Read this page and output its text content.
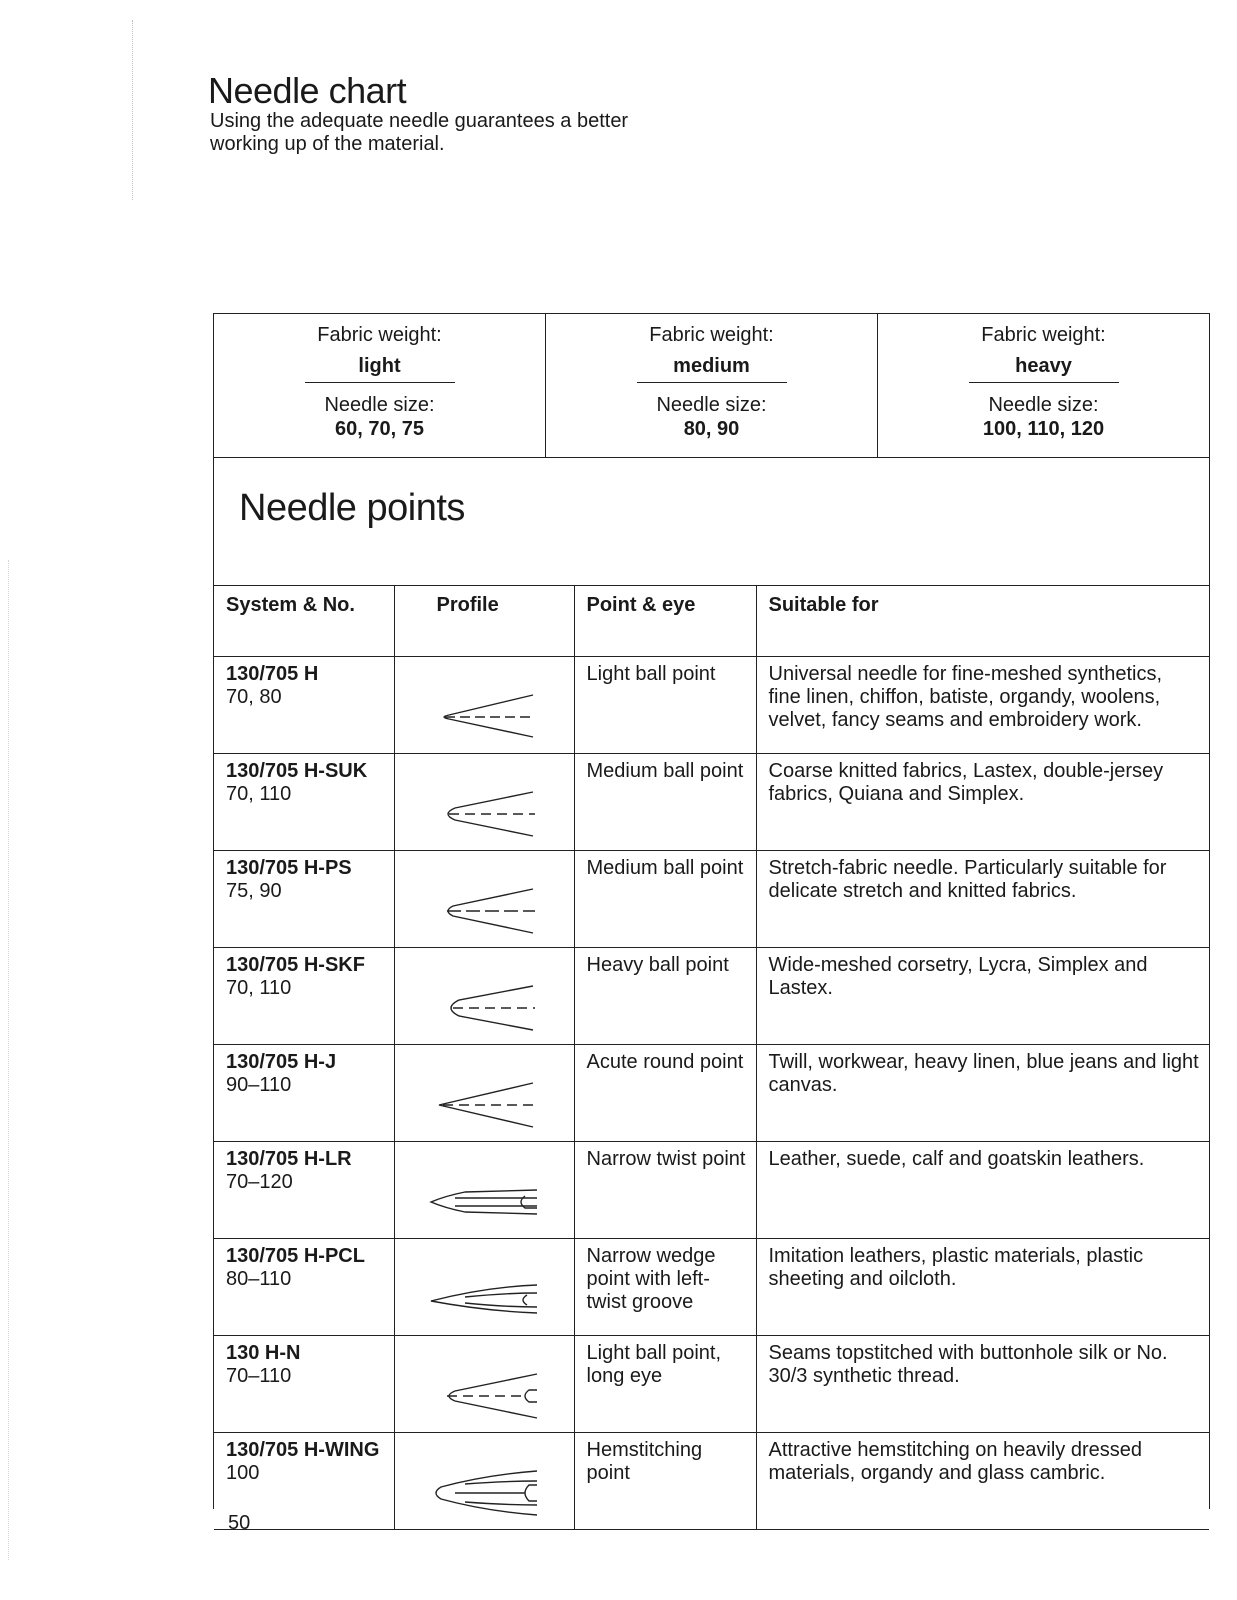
Needle chart
Using the adequate needle guarantees a better working up of the material.
Fabric weight:
light
Needle size:
60, 70, 75
Fabric weight:
medium
Needle size:
80, 90
Fabric weight:
heavy
Needle size:
100, 110, 120
Needle points
System & No.	Profile	Point & eye	Suitable for

130/705 H
70, 80		Light ball point	Universal needle for fine-meshed synthetics, fine linen, chiffon, batiste, organdy, woolens, velvet, fancy seams and embroidery work.

130/705 H-SUK
70, 110		Medium ball point	Coarse knitted fabrics, Lastex, double-jersey fabrics, Quiana and Simplex.

130/705 H-PS
75, 90		Medium ball point	Stretch-fabric needle. Particularly suitable for delicate stretch and knitted fabrics.

130/705 H-SKF
70, 110		Heavy ball point	Wide-meshed corsetry, Lycra, Simplex and Lastex.

130/705 H-J
90–110		Acute round point	Twill, workwear, heavy linen, blue jeans and light canvas.

130/705 H-LR
70–120		Narrow twist point	Leather, suede, calf and goatskin leathers.

130/705 H-PCL
80–110		Narrow wedge point with left-twist groove	Imitation leathers, plastic materials, plastic sheeting and oilcloth.

130 H-N
70–110		Light ball point, long eye	Seams topstitched with buttonhole silk or No. 30/3 synthetic thread.

130/705 H-WING
100		Hemstitching point	Attractive hemstitching on heavily dressed materials, organdy and glass cambric.
50
